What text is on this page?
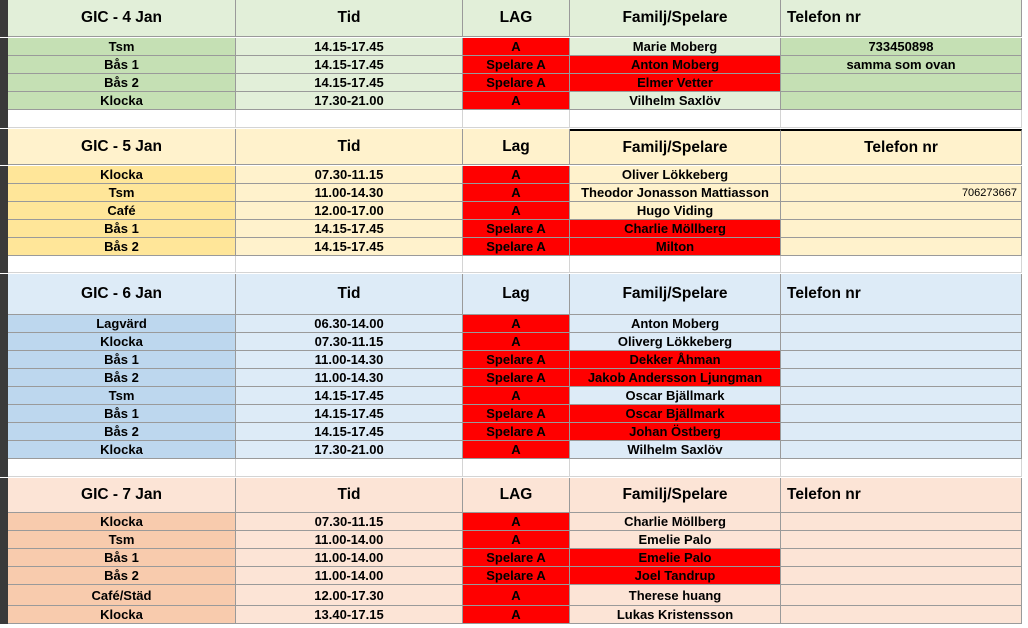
GIC - 4 Jan	Tid	LAG	Familj/Spelare	Telefon nr
Tsm	14.15-17.45	A	Marie Moberg	733450898
Bås 1	14.15-17.45	Spelare A	Anton Moberg	samma som ovan
Bås 2	14.15-17.45	Spelare A	Elmer Vetter
Klocka	17.30-21.00	A	Vilhelm Saxlöv
GIC - 5 Jan	Tid	Lag	Familj/Spelare	Telefon nr
Klocka	07.30-11.15	A	Oliver Lökkeberg
Tsm	11.00-14.30	A	Theodor Jonasson Mattiasson	706273667
Café	12.00-17.00	A	Hugo Viding
Bås 1	14.15-17.45	Spelare A	Charlie Möllberg
Bås 2	14.15-17.45	Spelare A	Milton
GIC - 6 Jan	Tid	Lag	Familj/Spelare	Telefon nr
Lagvärd	06.30-14.00	A	Anton Moberg
Klocka	07.30-11.15	A	Oliverg Lökkeberg
Bås 1	11.00-14.30	Spelare A	Dekker Åhman
Bås 2	11.00-14.30	Spelare A	Jakob Andersson Ljungman
Tsm	14.15-17.45	A	Oscar Bjällmark
Bås 1	14.15-17.45	Spelare A	Oscar Bjällmark
Bås 2	14.15-17.45	Spelare A	Johan Östberg
Klocka	17.30-21.00	A	Wilhelm Saxlöv
GIC - 7 Jan	Tid	LAG	Familj/Spelare	Telefon nr
Klocka	07.30-11.15	A	Charlie Möllberg
Tsm	11.00-14.00	A	Emelie Palo
Bås 1	11.00-14.00	Spelare A	Emelie Palo
Bås 2	11.00-14.00	Spelare A	Joel Tandrup
Café/Städ	12.00-17.30	A	Therese huang
Klocka	13.40-17.15	A	Lukas Kristensson
